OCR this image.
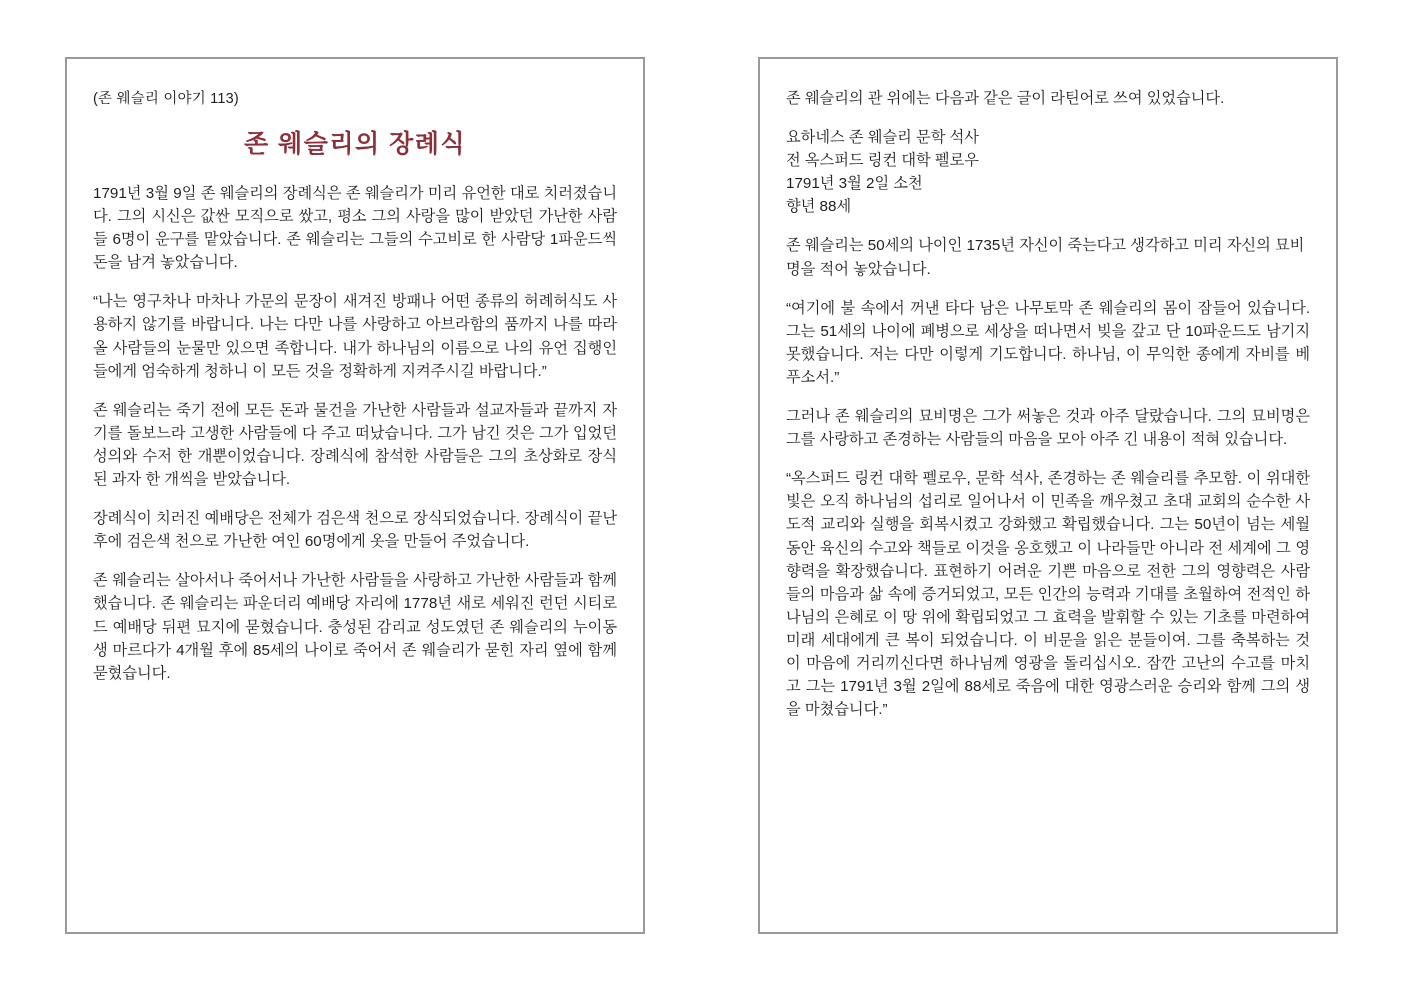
(존 웨슬리 이야기 113)
존 웨슬리의 장례식

1791년 3월 9일 존 웨슬리의 장례식은 존 웨슬리가 미리 유언한 대로 치러졌습니다. 그의 시신은 값싼 모직으로 쌌고, 평소 그의 사랑을 많이 받았던 가난한 사람들 6명이 운구를 맡았습니다. 존 웨슬리는 그들의 수고비로 한 사람당 1파운드씩 돈을 남겨 놓았습니다.

“나는 영구차나 마차나 가문의 문장이 새겨진 방패나 어떤 종류의 허례허식도 사용하지 않기를 바랍니다. 나는 다만 나를 사랑하고 아브라함의 품까지 나를 따라 올 사람들의 눈물만 있으면 족합니다. 내가 하나님의 이름으로 나의 유언 집행인들에게 엄숙하게 청하니 이 모든 것을 정확하게 지켜주시길 바랍니다.”

존 웨슬리는 죽기 전에 모든 돈과 물건을 가난한 사람들과 설교자들과 끝까지 자기를 돌보느라 고생한 사람들에 다 주고 떠났습니다. 그가 남긴 것은 그가 입었던 성의와 수저 한 개뿐이었습니다. 장례식에 참석한 사람들은 그의 초상화로 장식된 과자 한 개씩을 받았습니다.

장례식이 치러진 예배당은 전체가 검은색 천으로 장식되었습니다. 장례식이 끝난 후에 검은색 천으로 가난한 여인 60명에게 옷을 만들어 주었습니다.

존 웨슬리는 살아서나 죽어서나 가난한 사람들을 사랑하고 가난한 사람들과 함께 했습니다. 존 웨슬리는 파운더리 예배당 자리에 1778년 새로 세워진 런던 시티로드 예배당 뒤편 묘지에 묻혔습니다. 충성된 감리교 성도였던 존 웨슬리의 누이동생 마르다가 4개월 후에 85세의 나이로 죽어서 존 웨슬리가 묻힌 자리 옆에 함께 묻혔습니다.

존 웨슬리의 관 위에는 다음과 같은 글이 라틴어로 쓰여 있었습니다.

요하네스 존 웨슬리 문학 석사
전 옥스퍼드 링컨 대학 펠로우
1791년 3월 2일 소천
향년 88세

존 웨슬리는 50세의 나이인 1735년 자신이 죽는다고 생각하고 미리 자신의 묘비명을 적어 놓았습니다.

“여기에 불 속에서 꺼낸 타다 남은 나무토막 존 웨슬리의 몸이 잠들어 있습니다. 그는 51세의 나이에 폐병으로 세상을 떠나면서 빚을 갚고 단 10파운드도 남기지 못했습니다. 저는 다만 이렇게 기도합니다. 하나님, 이 무익한 종에게 자비를 베푸소서.”

그러나 존 웨슬리의 묘비명은 그가 써놓은 것과 아주 달랐습니다. 그의 묘비명은 그를 사랑하고 존경하는 사람들의 마음을 모아 아주 긴 내용이 적혀 있습니다.

“옥스퍼드 링컨 대학 펠로우, 문학 석사, 존경하는 존 웨슬리를 추모함. 이 위대한 빛은 오직 하나님의 섭리로 일어나서 이 민족을 깨우쳤고 초대 교회의 순수한 사도적 교리와 실행을 회복시켰고 강화했고 확립했습니다. 그는 50년이 넘는 세월 동안 육신의 수고와 책들로 이것을 옹호했고 이 나라들만 아니라 전 세계에 그 영향력을 확장했습니다. 표현하기 어려운 기쁜 마음으로 전한 그의 영향력은 사람들의 마음과 삶 속에 증거되었고, 모든 인간의 능력과 기대를 초월하여 전적인 하나님의 은혜로 이 땅 위에 확립되었고 그 효력을 발휘할 수 있는 기초를 마련하여 미래 세대에게 큰 복이 되었습니다. 이 비문을 읽은 분들이여. 그를 축복하는 것이 마음에 거리끼신다면 하나님께 영광을 돌리십시오. 잠깐 고난의 수고를 마치고 그는 1791년 3월 2일에 88세로 죽음에 대한 영광스러운 승리와 함께 그의 생을 마쳤습니다.”
